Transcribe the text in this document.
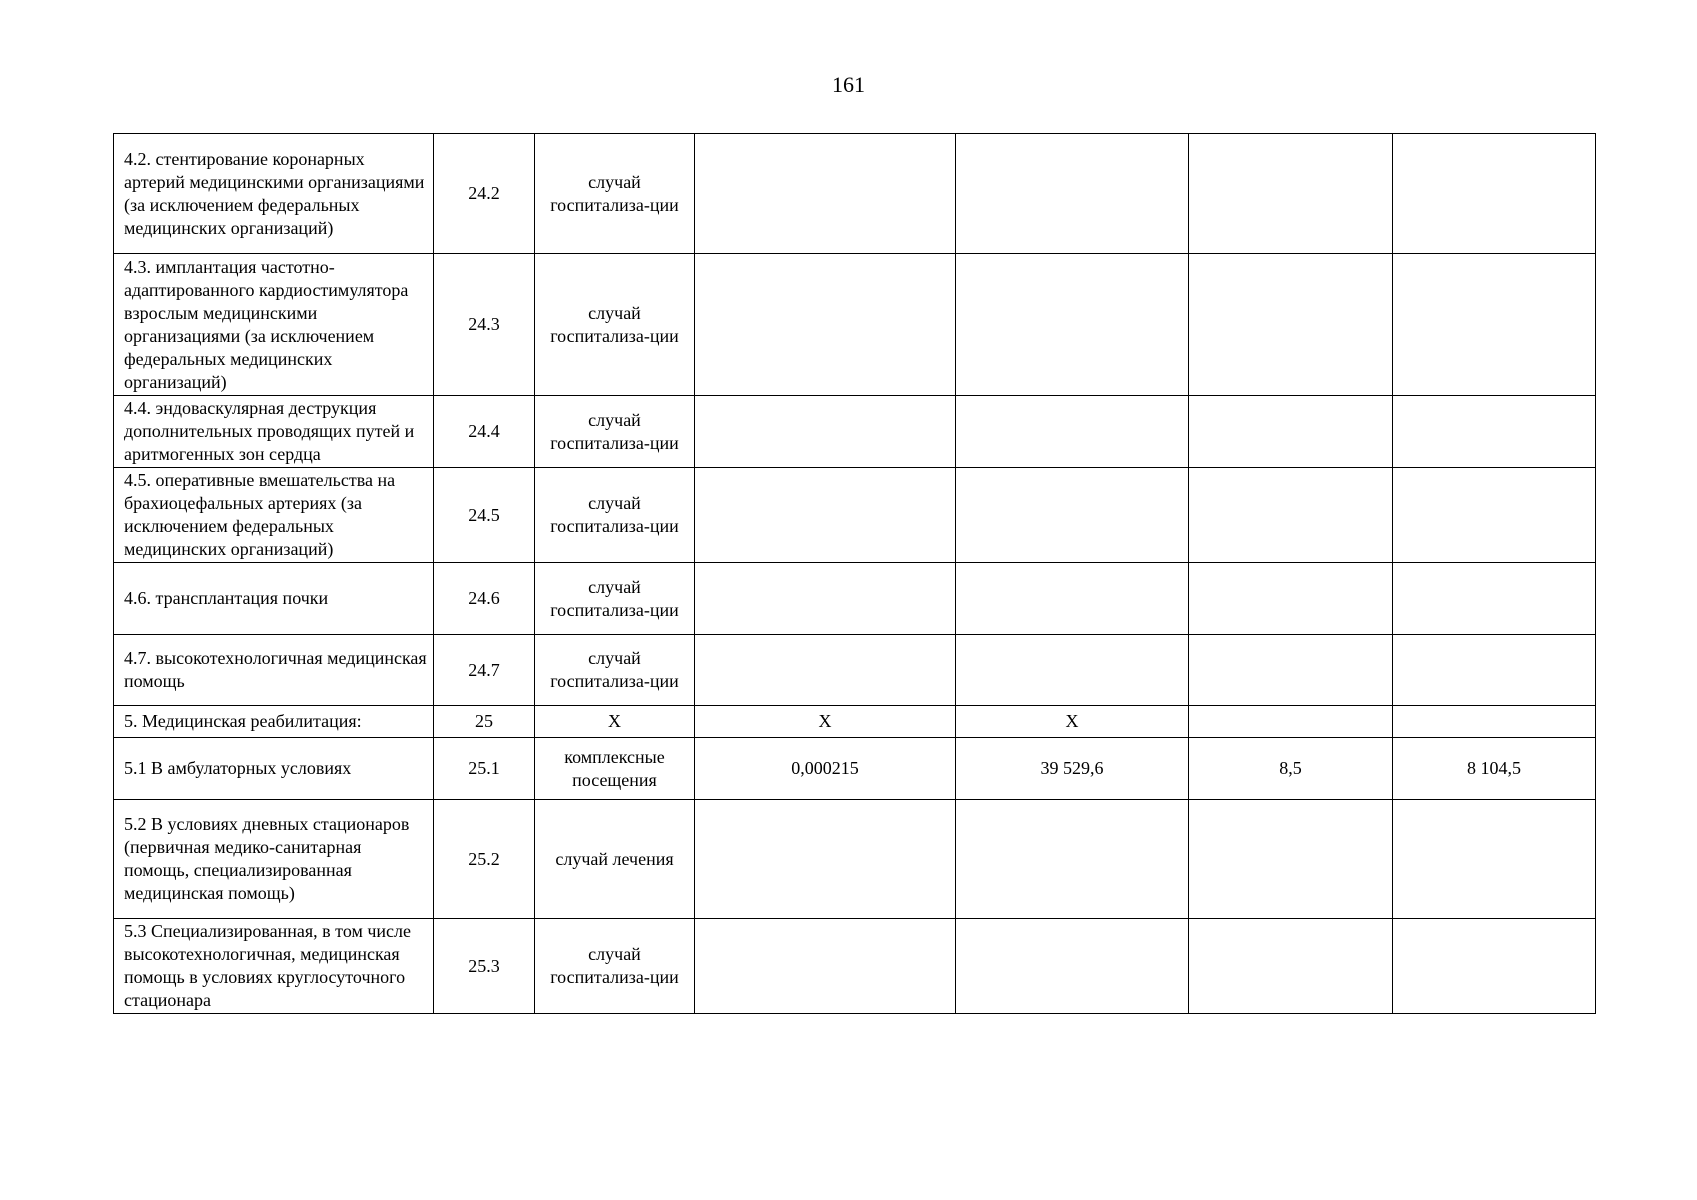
161
4.2. стентирование коронарных артерий медицинскими организациями (за исключением федеральных медицинских организаций)	24.2	случай госпитализа-ции				

4.3. имплантация частотно-адаптированного кардиостимулятора взрослым медицинскими организациями (за исключением федеральных медицинских организаций)	24.3	случай госпитализа-ции				

4.4. эндоваскулярная деструкция дополнительных проводящих путей и аритмогенных зон сердца	24.4	случай госпитализа-ции				

4.5. оперативные вмешательства на брахиоцефальных артериях (за исключением федеральных медицинских организаций)	24.5	случай госпитализа-ции				

4.6. трансплантация почки	24.6	случай госпитализа-ции				

4.7. высокотехнологичная медицинская помощь	24.7	случай госпитализа-ции				

5. Медицинская реабилитация:	25	Х	Х	Х		
5.1 В амбулаторных условиях	25.1	комплексные посещения	0,000215	39 529,6	8,5	8 104,5
5.2 В условиях дневных стационаров (первичная медико-санитарная помощь, специализированная медицинская помощь)	25.2	случай лечения				

5.3 Специализированная, в том числе высокотехнологичная, медицинская помощь в условиях круглосуточного стационара	25.3	случай госпитализа-ции				
